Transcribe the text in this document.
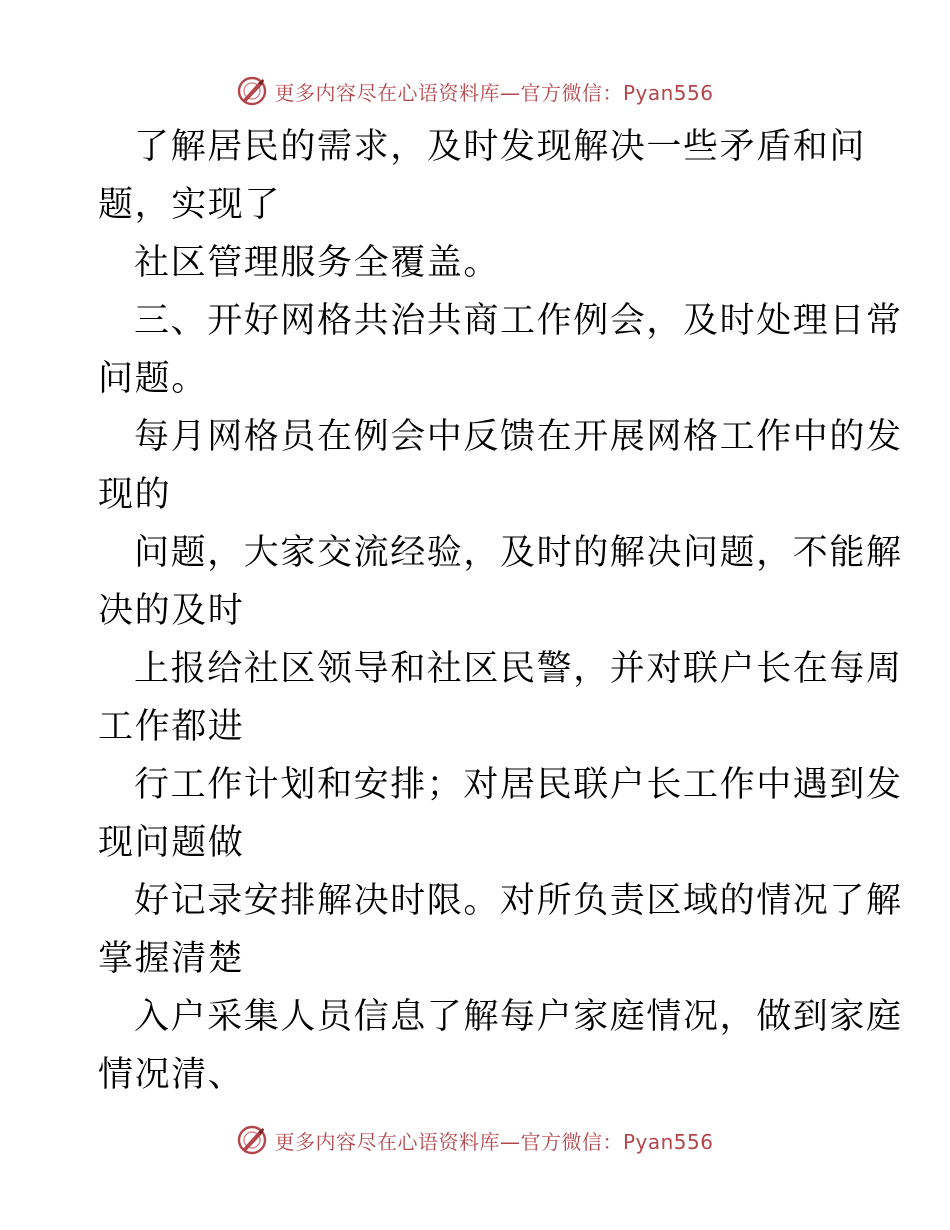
更多内容尽在心语资料库—官方微信：Pyan556
了解居民的需求，及时发现解决一些矛盾和问
题，实现了
社区管理服务全覆盖。
三、开好网格共治共商工作例会，及时处理日常
问题。
每月网格员在例会中反馈在开展网格工作中的发
现的
问题，大家交流经验，及时的解决问题，不能解
决的及时
上报给社区领导和社区民警，并对联户长在每周
工作都进
行工作计划和安排；对居民联户长工作中遇到发
现问题做
好记录安排解决时限。对所负责区域的情况了解
掌握清楚
入户采集人员信息了解每户家庭情况，做到家庭
情况清、
更多内容尽在心语资料库—官方微信：Pyan556
